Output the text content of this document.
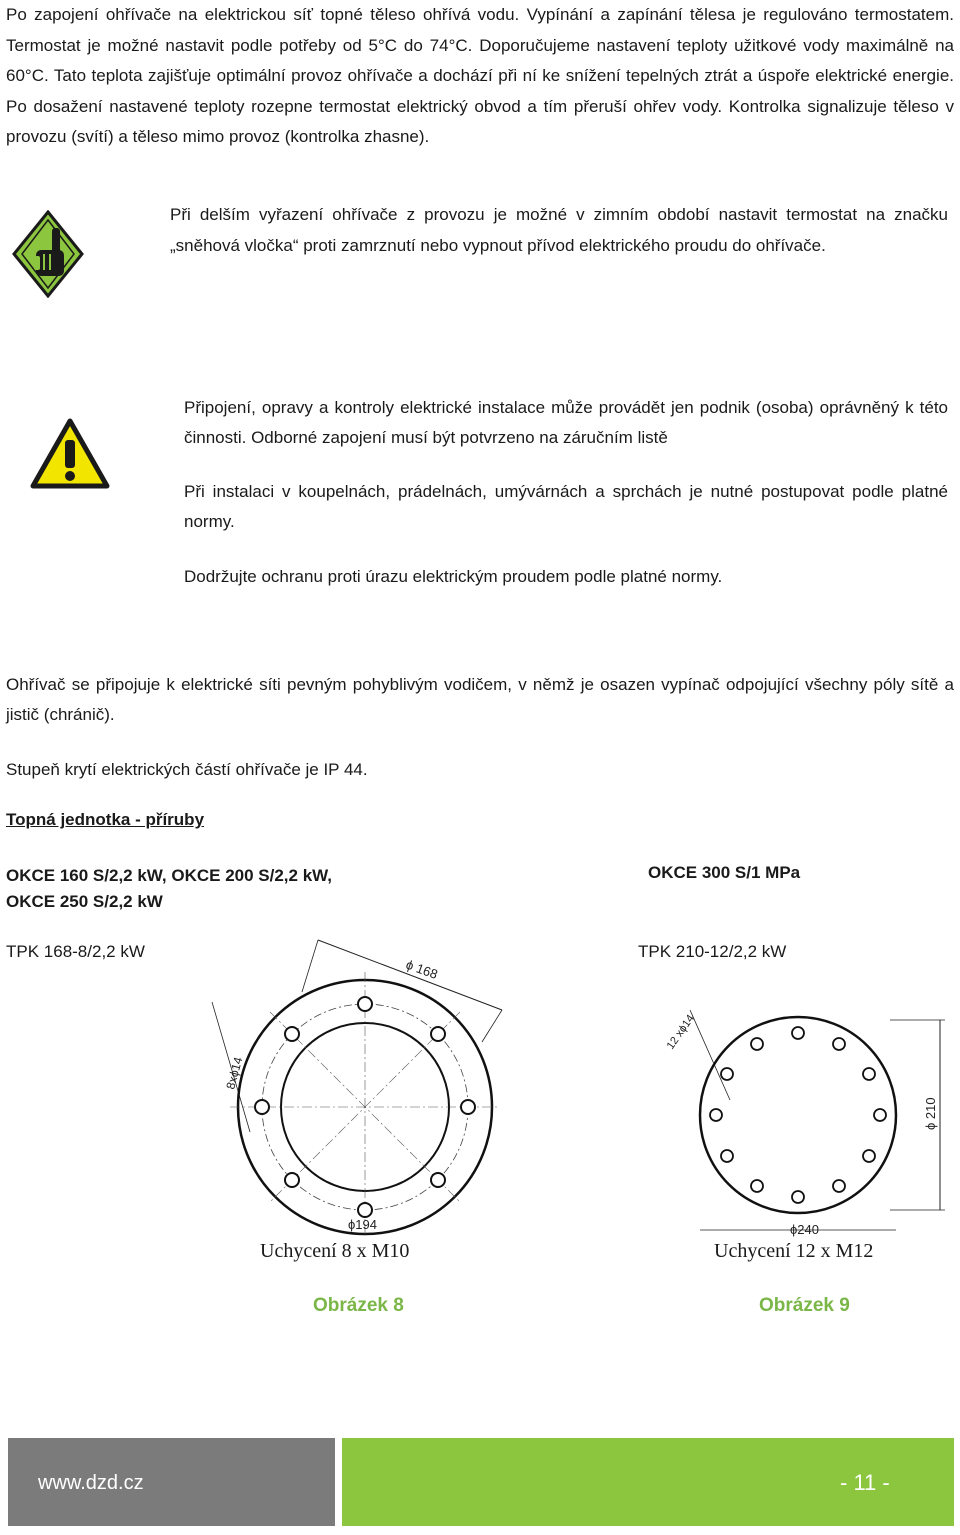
Po zapojení ohřívače na elektrickou síť topné těleso ohřívá vodu. Vypínání a zapínání tělesa je regulováno termostatem. Termostat je možné nastavit podle potřeby od 5°C do 74°C. Doporučujeme nastavení teploty užitkové vody maximálně na 60°C. Tato teplota zajišťuje optimální provoz ohřívače a dochází při ní ke snížení tepelných ztrát a úspoře elektrické energie. Po dosažení nastavené teploty rozepne termostat elektrický obvod a tím přeruší ohřev vody. Kontrolka signalizuje těleso v provozu (svítí) a těleso mimo provoz (kontrolka zhasne).

Při delším vyřazení ohřívače z provozu je možné v zimním období nastavit termostat na značku „sněhová vločka“ proti zamrznutí nebo vypnout přívod elektrického proudu do ohřívače.

Připojení, opravy a kontroly elektrické instalace může provádět jen podnik (osoba) oprávněný k této činnosti. Odborné zapojení musí být potvrzeno na záručním listě

Při instalaci v koupelnách, prádelnách, umývárnách a sprchách je nutné postupovat podle platné normy.

Dodržujte ochranu proti úrazu elektrickým proudem podle platné normy.

Ohřívač se připojuje k elektrické síti pevným pohyblivým vodičem, v němž je osazen vypínač odpojující všechny póly sítě a jistič (chránič).

Stupeň krytí elektrických částí ohřívače je IP 44.

Topná jednotka - příruby
OKCE 160 S/2,2 kW, OKCE 200 S/2,2 kW,
OKCE 250 S/2,2 kW
TPK 168-8/2,2 kW
OKCE 300 S/1 MPa
TPK 210-12/2,2 kW
ϕ 168
8xϕ14
ϕ194
12 xϕ14
ϕ 210
ϕ240
Uchycení 8 x M10	Uchycení 12 x M12
Obrázek 8	Obrázek 9
www.dzd.cz	- 11 -
